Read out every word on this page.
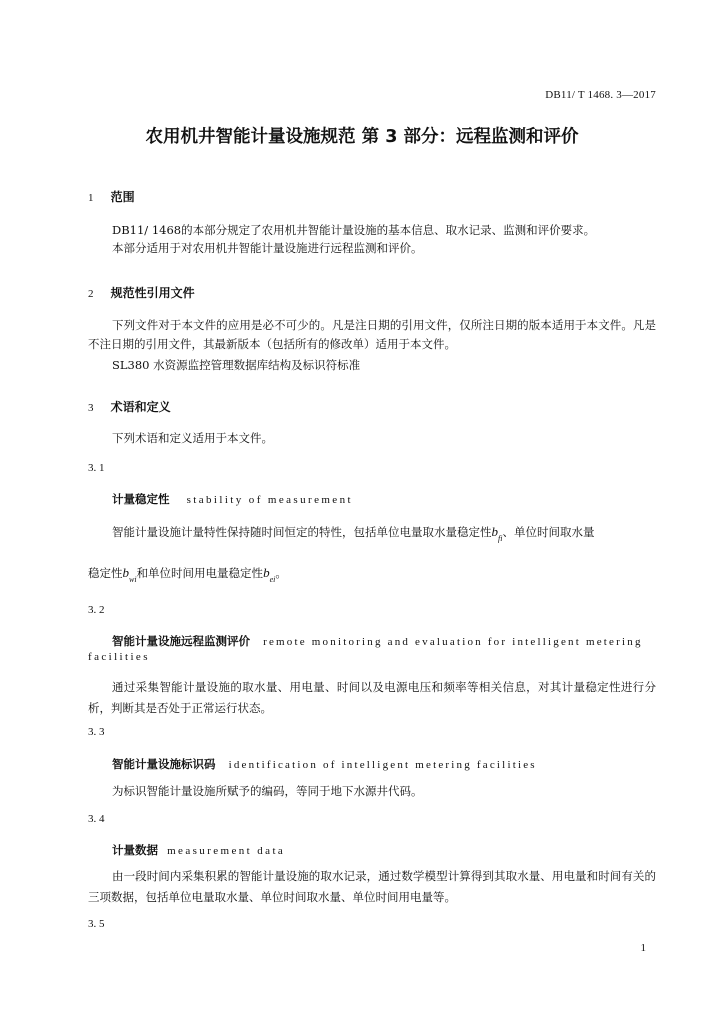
DB11/ T 1468. 3—2017
农用机井智能计量设施规范 第 3 部分：远程监测和评价
1 范围
DB11/ 1468的本部分规定了农用机井智能计量设施的基本信息、取水记录、监测和评价要求。
本部分适用于对农用机井智能计量设施进行远程监测和评价。
2 规范性引用文件
下列文件对于本文件的应用是必不可少的。凡是注日期的引用文件，仅所注日期的版本适用于本文件。凡是不注日期的引用文件，其最新版本（包括所有的修改单）适用于本文件。
SL380 水资源监控管理数据库结构及标识符标准
3 术语和定义
下列术语和定义适用于本文件。
3. 1
计量稳定性 stability of measurement
智能计量设施计量特性保持随时间恒定的特性，包括单位电量取水量稳定性$b_{fi}$、单位时间取水量
稳定性$b_{wi}$和单位时间用电量稳定性$b_{ei}$。
3. 2
智能计量设施远程监测评价 remote monitoring and evaluation for intelligent metering
facilities
通过采集智能计量设施的取水量、用电量、时间以及电源电压和频率等相关信息，对其计量稳定性进行分析，判断其是否处于正常运行状态。
3. 3
智能计量设施标识码 identification of intelligent metering facilities
为标识智能计量设施所赋予的编码，等同于地下水源井代码。
3. 4
计量数据 measurement data
由一段时间内采集积累的智能计量设施的取水记录，通过数学模型计算得到其取水量、用电量和时间有关的三项数据，包括单位电量取水量、单位时间取水量、单位时间用电量等。
3. 5
1
